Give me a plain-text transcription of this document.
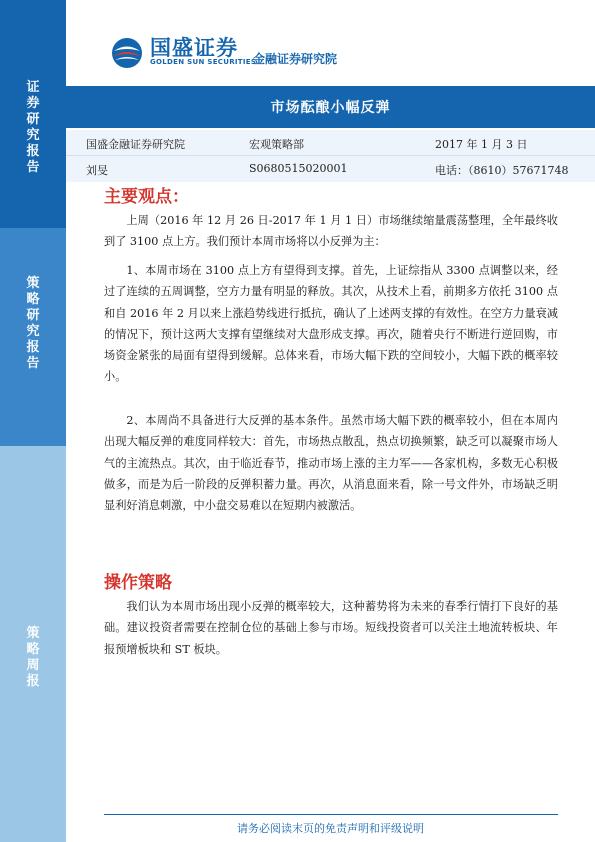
证券研究报告
策略研究报告
策略周报
国盛证券
GOLDEN SUN SECURITIES
金融证券研究院
市场酝酿小幅反弹
国盛金融证券研究院	宏观策略部	2017 年 1 月 3 日
刘旻	S0680515020001	电话：（8610）57671748
主要观点：

上周（2016 年 12 月 26 日-2017 年 1 月 1 日）市场继续缩量震荡整理，全年最终收到了 3100 点上方。我们预计本周市场将以小反弹为主：

1、本周市场在 3100 点上方有望得到支撑。首先，上证综指从 3300 点调整以来，经过了连续的五周调整，空方力量有明显的释放。其次，从技术上看，前期多方依托 3100 点和自 2016 年 2 月以来上涨趋势线进行抵抗，确认了上述两支撑的有效性。在空方力量衰减的情况下，预计这两大支撑有望继续对大盘形成支撑。再次，随着央行不断进行逆回购，市场资金紧张的局面有望得到缓解。总体来看，市场大幅下跌的空间较小，大幅下跌的概率较小。

2、本周尚不具备进行大反弹的基本条件。虽然市场大幅下跌的概率较小，但在本周内出现大幅反弹的难度同样较大：首先，市场热点散乱，热点切换频繁，缺乏可以凝聚市场人气的主流热点。其次，由于临近春节，推动市场上涨的主力军——各家机构，多数无心积极做多，而是为后一阶段的反弹积蓄力量。再次，从消息面来看，除一号文件外，市场缺乏明显利好消息刺激，中小盘交易难以在短期内被激活。

操作策略

我们认为本周市场出现小反弹的概率较大，这种蓄势将为未来的春季行情打下良好的基础。建议投资者需要在控制仓位的基础上参与市场。短线投资者可以关注土地流转板块、年报预增板块和 ST 板块。

请务必阅读末页的免责声明和评级说明
